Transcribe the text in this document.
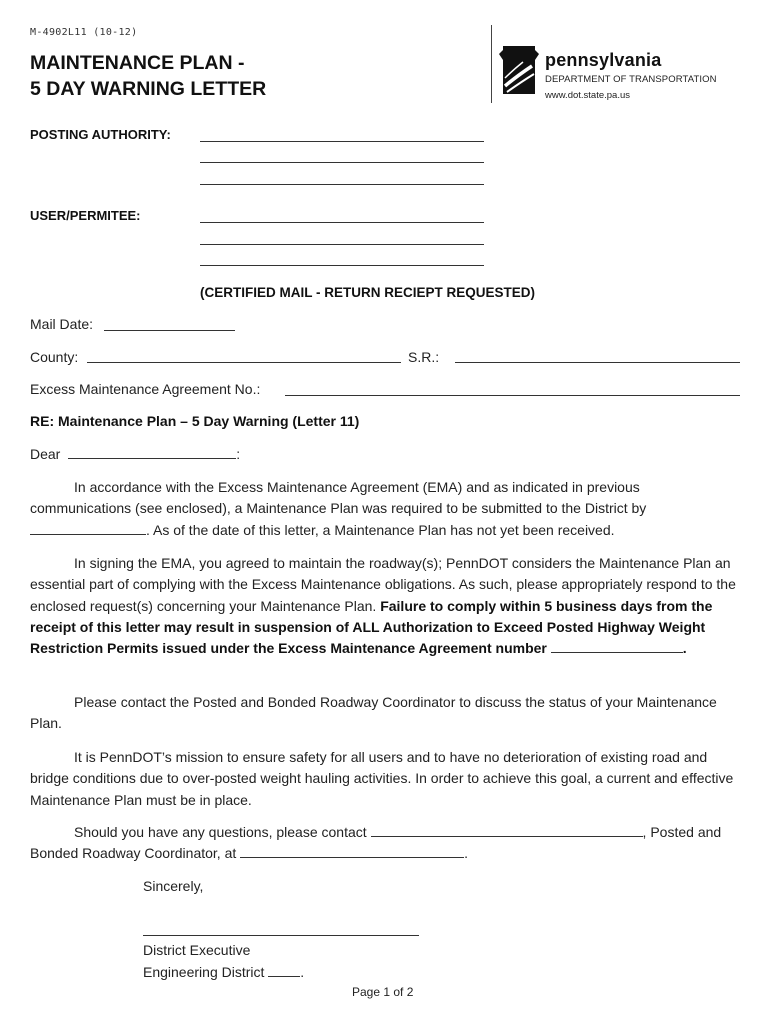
M-4902L11 (10-12)
MAINTENANCE PLAN -
5 DAY WARNING LETTER
pennsylvania
DEPARTMENT OF TRANSPORTATION
www.dot.state.pa.us
POSTING AUTHORITY:
USER/PERMITEE:
(CERTIFIED MAIL - RETURN RECIEPT REQUESTED)
Mail Date:
County:	S.R.:
Excess Maintenance Agreement No.:
RE: Maintenance Plan – 5 Day Warning (Letter 11)
Dear	:
In accordance with the Excess Maintenance Agreement (EMA) and as indicated in previous communications (see enclosed), a Maintenance Plan was required to be submitted to the District by . As of the date of this letter, a Maintenance Plan has not yet been received.
In signing the EMA, you agreed to maintain the roadway(s); PennDOT considers the Maintenance Plan an essential part of complying with the Excess Maintenance obligations. As such, please appropriately respond to the enclosed request(s) concerning your Maintenance Plan. Failure to comply within 5 business days from the receipt of this letter may result in suspension of ALL Authorization to Exceed Posted Highway Weight Restriction Permits issued under the Excess Maintenance Agreement number	.
Please contact the Posted and Bonded Roadway Coordinator to discuss the status of your Maintenance Plan.
It is PennDOT’s mission to ensure safety for all users and to have no deterioration of existing road and bridge conditions due to over-posted weight hauling activities. In order to achieve this goal, a current and effective Maintenance Plan must be in place.
Should you have any questions, please contact	, Posted and Bonded Roadway Coordinator, at	.
Sincerely,
District Executive
Engineering District	.
Page 1 of 2
